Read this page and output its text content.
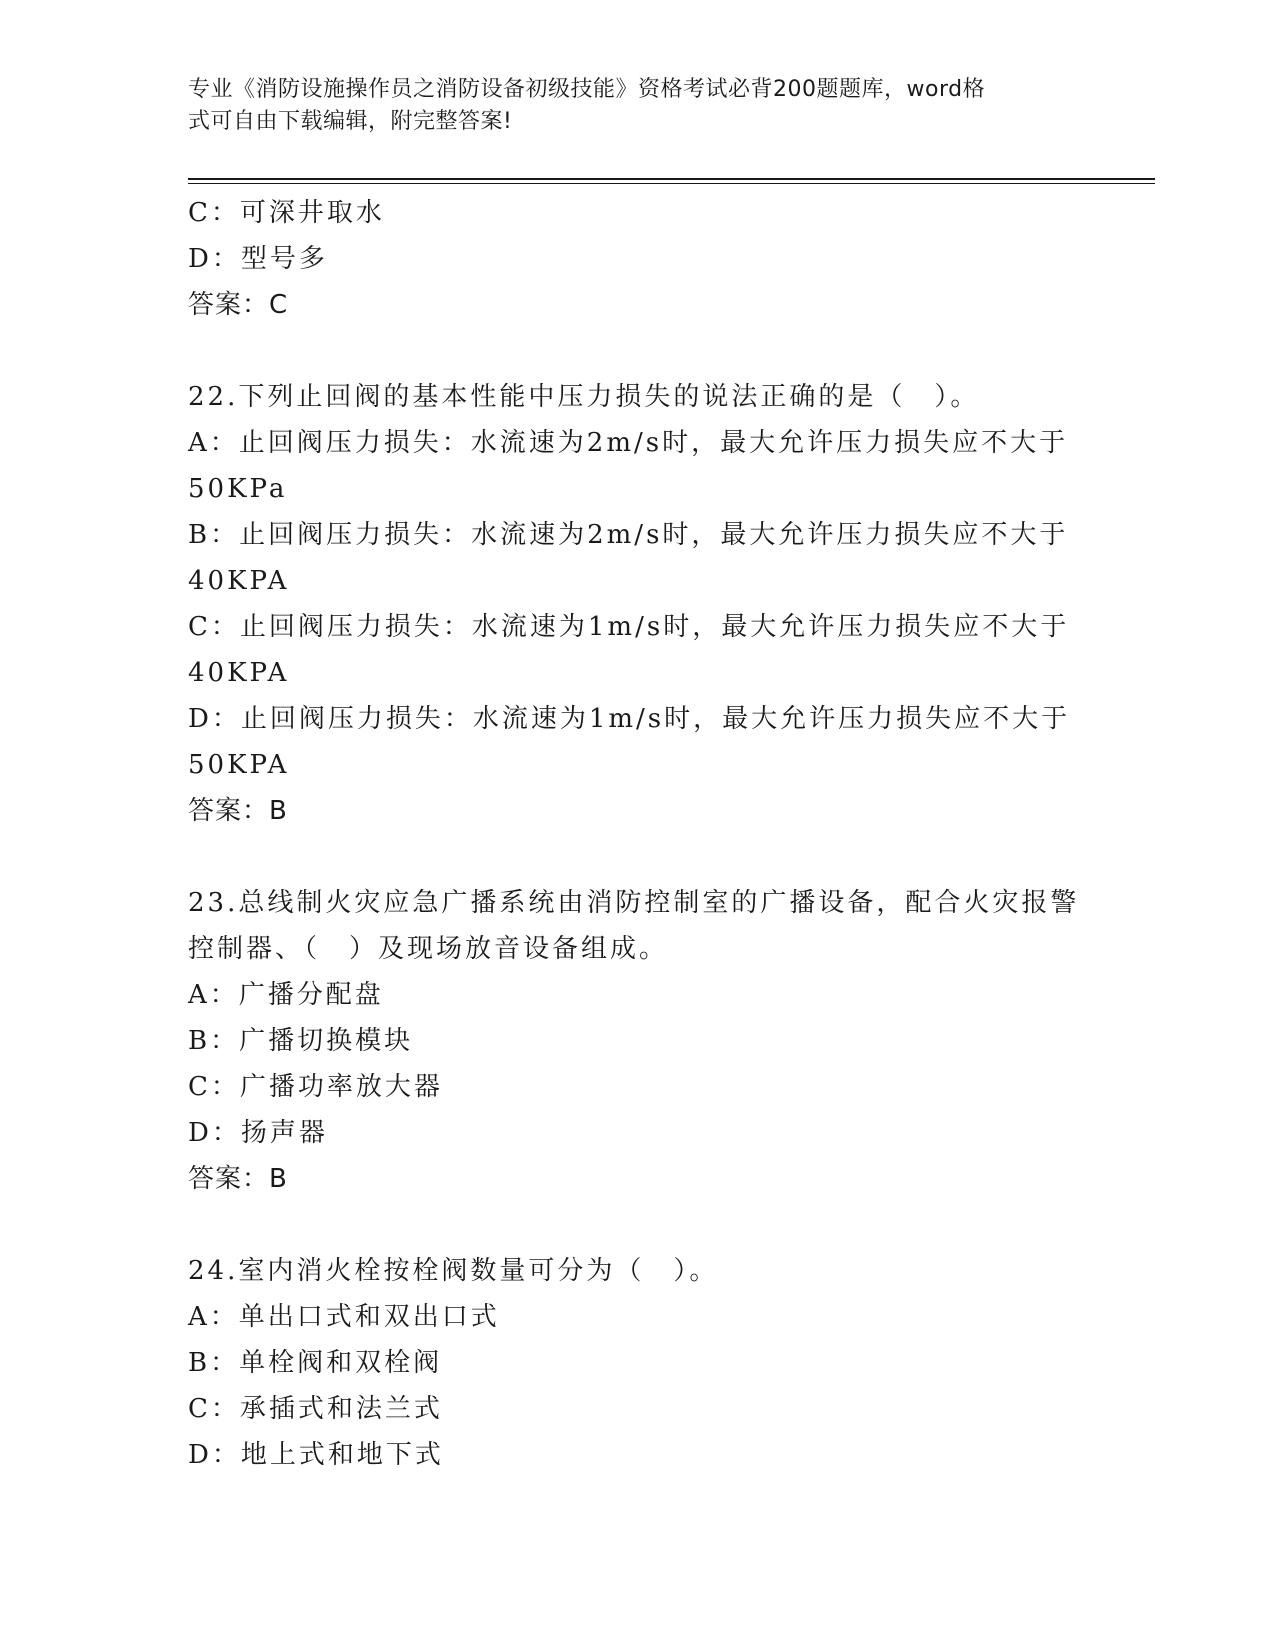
专业《消防设施操作员之消防设备初级技能》资格考试必背200题题库，word格
式可自由下载编辑，附完整答案!
C：可深井取水
D：型号多
答案：C
22.下列止回阀的基本性能中压力损失的说法正确的是（　）。
A：止回阀压力损失：水流速为2m/s时，最大允许压力损失应不大于
50KPa
B：止回阀压力损失：水流速为2m/s时，最大允许压力损失应不大于
40KPA
C：止回阀压力损失：水流速为1m/s时，最大允许压力损失应不大于
40KPA
D：止回阀压力损失：水流速为1m/s时，最大允许压力损失应不大于
50KPA
答案：B
23.总线制火灾应急广播系统由消防控制室的广播设备，配合火灾报警
控制器、（　）及现场放音设备组成。
A：广播分配盘
B：广播切换模块
C：广播功率放大器
D：扬声器
答案：B
24.室内消火栓按栓阀数量可分为（　）。
A：单出口式和双出口式
B：单栓阀和双栓阀
C：承插式和法兰式
D：地上式和地下式
